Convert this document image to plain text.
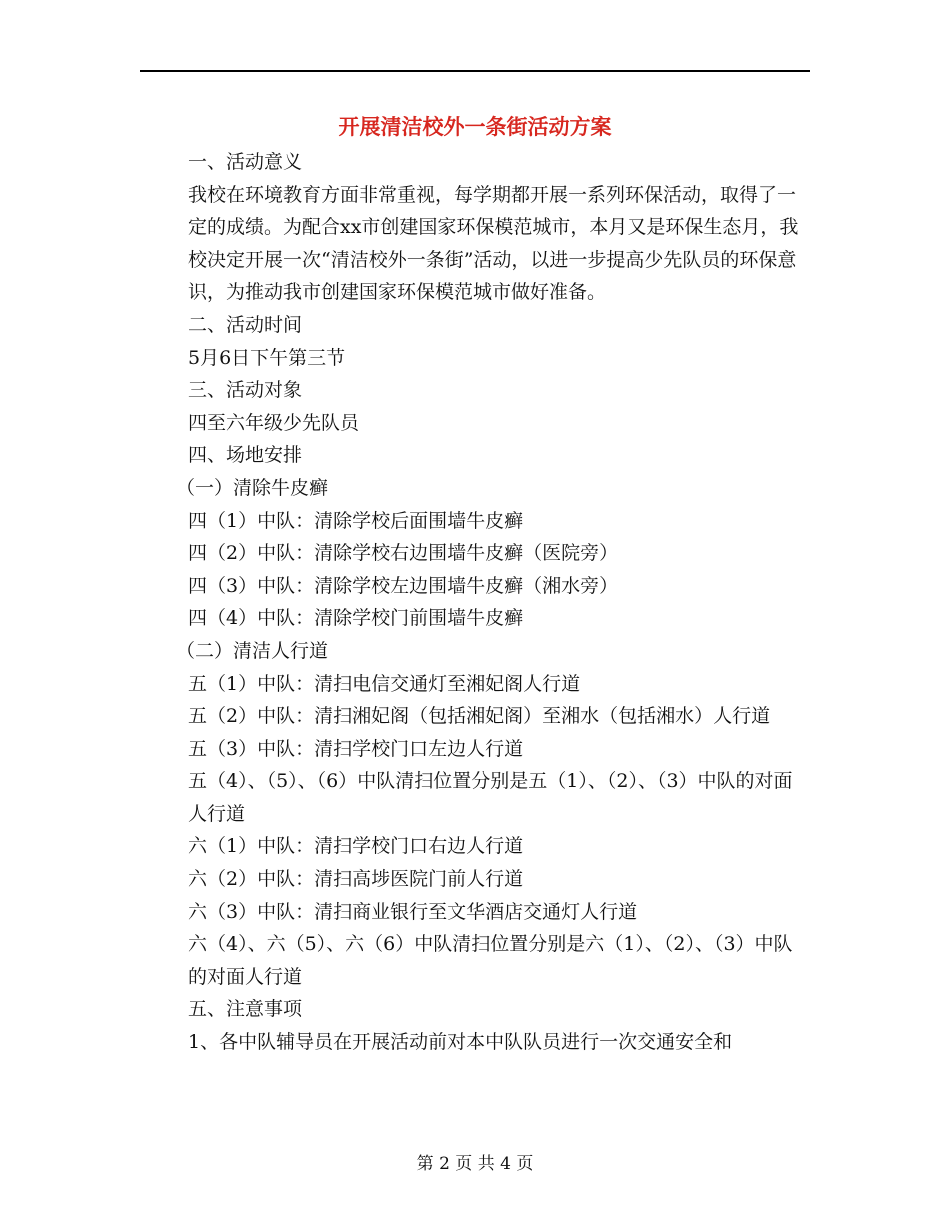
开展清洁校外一条街活动方案

一、活动意义

我校在环境教育方面非常重视，每学期都开展一系列环保活动，取得了一定的成绩。为配合xx市创建国家环保模范城市，本月又是环保生态月，我校决定开展一次“清洁校外一条街”活动，以进一步提高少先队员的环保意识，为推动我市创建国家环保模范城市做好准备。

二、活动时间

5月6日下午第三节

三、活动对象

四至六年级少先队员

四、场地安排

（一）清除牛皮癣

四（1）中队：清除学校后面围墙牛皮癣

四（2）中队：清除学校右边围墙牛皮癣（医院旁）

四（3）中队：清除学校左边围墙牛皮癣（湘水旁）

四（4）中队：清除学校门前围墙牛皮癣

（二）清洁人行道

五（1）中队：清扫电信交通灯至湘妃阁人行道

五（2）中队：清扫湘妃阁（包括湘妃阁）至湘水（包括湘水）人行道

五（3）中队：清扫学校门口左边人行道

五（4）、（5）、（6）中队清扫位置分别是五（1）、（2）、（3）中队的对面人行道

六（1）中队：清扫学校门口右边人行道

六（2）中队：清扫高埗医院门前人行道

六（3）中队：清扫商业银行至文华酒店交通灯人行道

六（4）、六（5）、六（6）中队清扫位置分别是六（1）、（2）、（3）中队的对面人行道

五、注意事项

1、各中队辅导员在开展活动前对本中队队员进行一次交通安全和

第 2 页 共 4 页
